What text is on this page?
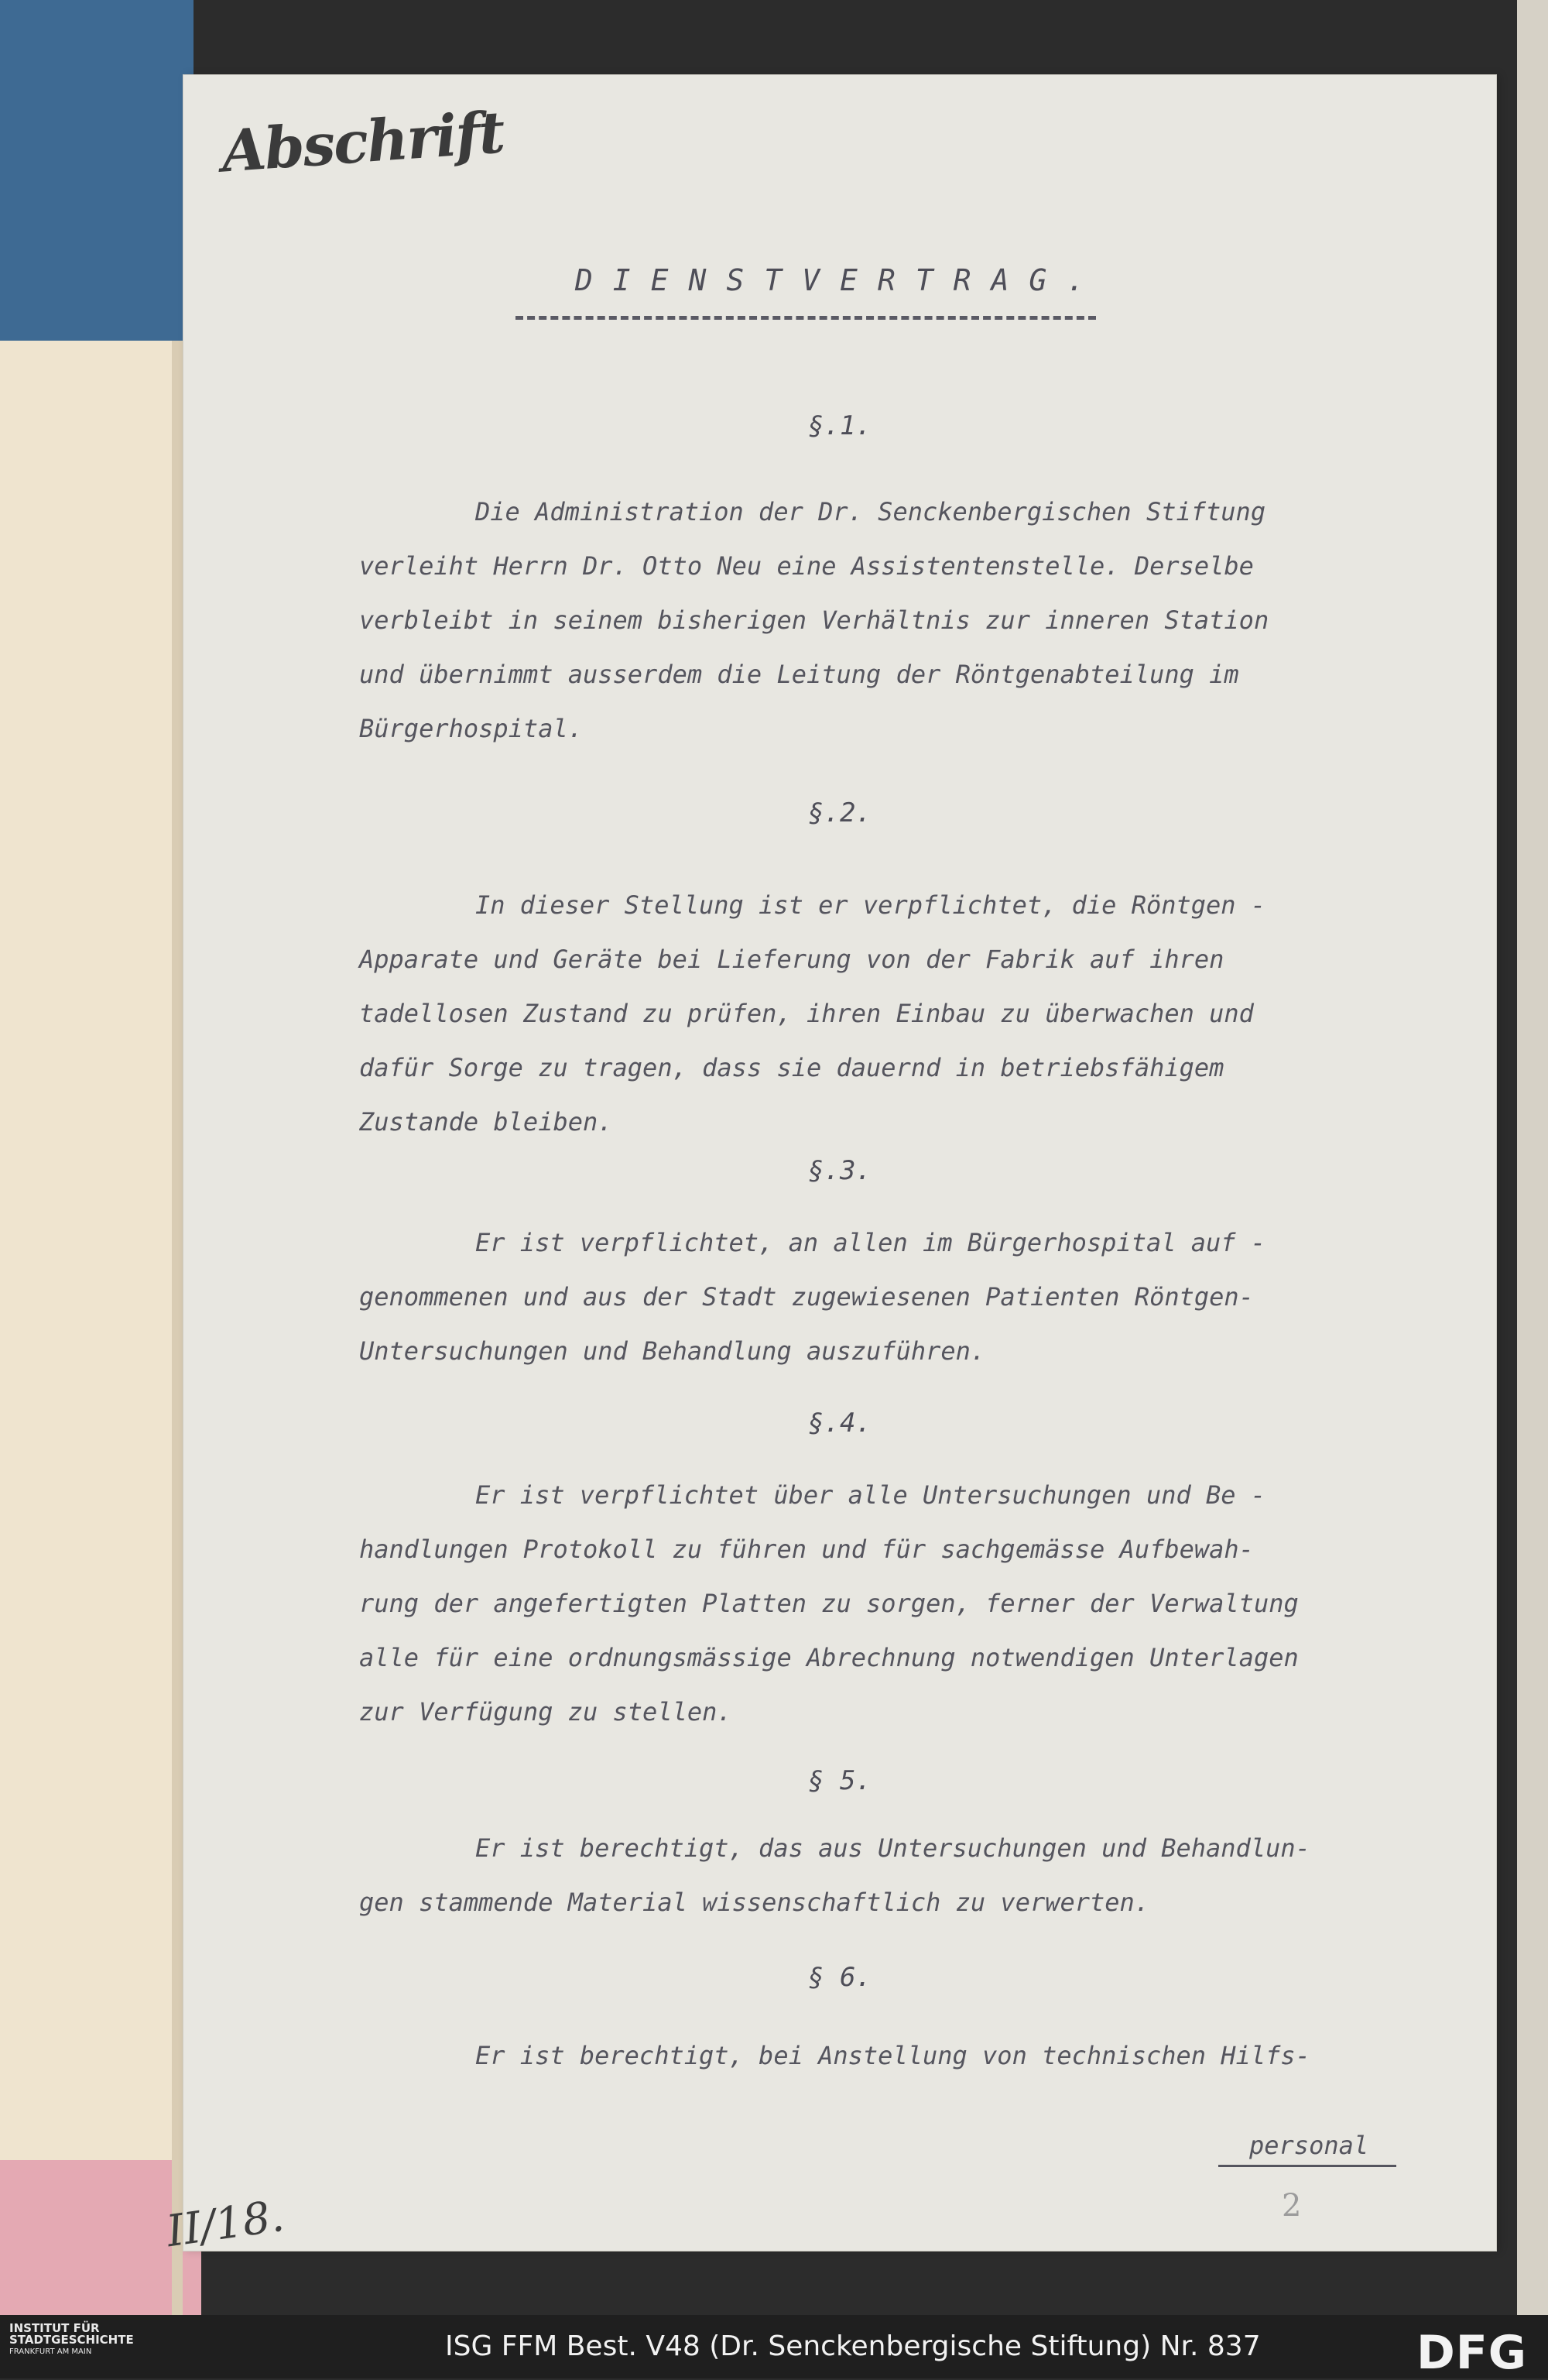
Abschrift
DIENSTVERTRAG.
§.1.
Die Administration der Dr. Senckenbergischen Stiftung
verleiht Herrn Dr. Otto Neu eine Assistentenstelle. Derselbe
verbleibt in seinem bisherigen Verhältnis zur inneren Station
und übernimmt ausserdem die Leitung der Röntgenabteilung im
Bürgerhospital.
§.2.
In dieser Stellung ist er verpflichtet, die Röntgen -
Apparate und Geräte bei Lieferung von der Fabrik auf ihren
tadellosen Zustand zu prüfen, ihren Einbau zu überwachen und
dafür Sorge zu tragen, dass sie dauernd in betriebsfähigem
Zustande bleiben.
§.3.
Er ist verpflichtet, an allen im Bürgerhospital auf -
genommenen und aus der Stadt zugewiesenen Patienten Röntgen-
Untersuchungen und Behandlung auszuführen.
§.4.
Er ist verpflichtet über alle Untersuchungen und Be -
handlungen Protokoll zu führen und für sachgemässe Aufbewah-
rung der angefertigten Platten zu sorgen, ferner der Verwaltung
alle für eine ordnungsmässige Abrechnung notwendigen Unterlagen
zur Verfügung zu stellen.
§ 5.
Er ist berechtigt, das aus Untersuchungen und Behandlun-
gen stammende Material wissenschaftlich zu verwerten.
§ 6.
Er ist berechtigt, bei Anstellung von technischen Hilfs-
personal
2
II/18.
INSTITUT FÜR
STADTGESCHICHTE
FRANKFURT AM MAIN	ISG FFM Best. V48 (Dr. Senckenbergische Stiftung) Nr. 837	DFG
